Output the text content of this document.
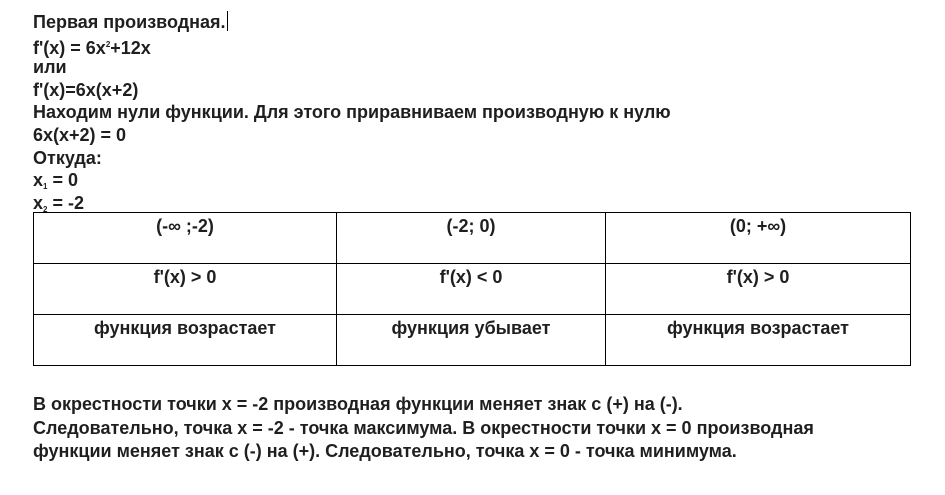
Первая производная.
$f'(x) = 6x^2+12x$
или
f'(x)=6x(x+2)
Находим нули функции. Для этого приравниваем производную к нулю
6x(x+2) = 0
Откуда:
$x_1 = 0$
$x_2 = -2$
(-∞ ;-2)	(-2; 0)	(0; +∞)

f'(x) > 0	f'(x) < 0	f'(x) > 0

функция возрастает	функция убывает	функция возрастает
В окрестности точки x = -2 производная функции меняет знак с (+) на (-).
Следовательно, точка x = -2 - точка максимума. В окрестности точки x = 0 производная
функции меняет знак с (-) на (+). Следовательно, точка x = 0 - точка минимума.
